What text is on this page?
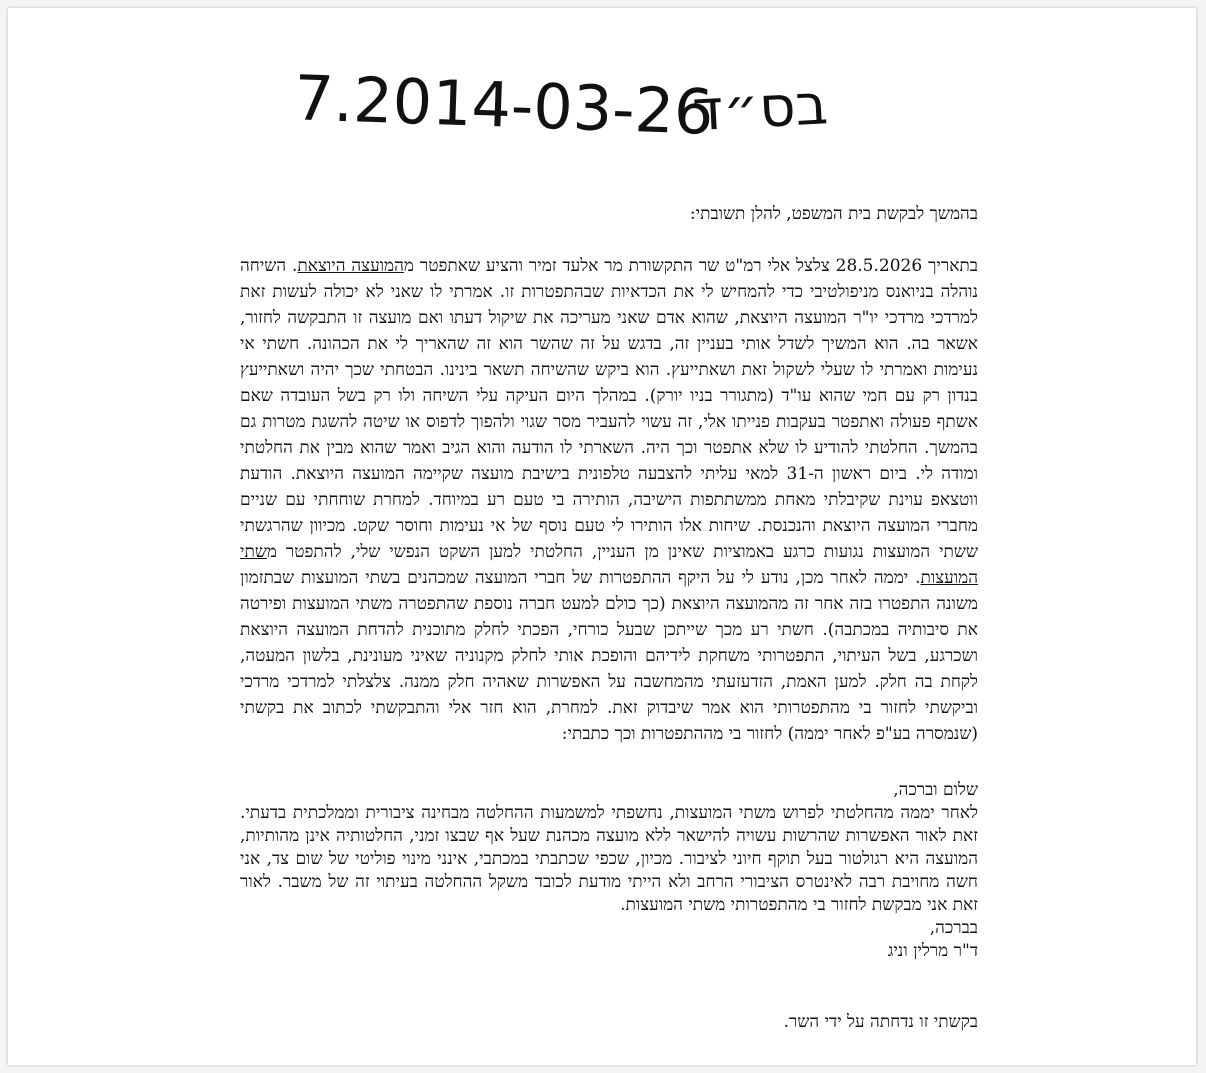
7.2014-03-26
בס״ד
בהמשך לבקשת בית המשפט, להלן תשובתי:
בתאריך 28.5.2026 צלצל אלי רמ"ט שר התקשורת מר אלעד זמיר והציע שאתפטר מהמועצה היוצאת. השיחה נוהלה בניואנס מניפולטיבי כדי להמחיש לי את הכדאיות שבהתפטרות זו. אמרתי לו שאני לא יכולה לעשות זאת למרדכי מרדכי יו"ר המועצה היוצאת, שהוא אדם שאני מעריכה את שיקול דעתו ואם מועצה זו התבקשה לחזור, אשאר בה. הוא המשיך לשדל אותי בעניין זה, בדגש על זה שהשר הוא זה שהאריך לי את הכהונה. חשתי אי נעימות ואמרתי לו שעלי לשקול זאת ושאתייעץ. הוא ביקש שהשיחה תשאר בינינו. הבטחתי שכך יהיה ושאתייעץ בנדון רק עם חמי שהוא עו"ד (מתגורר בניו יורק). במהלך היום העיקה עלי השיחה ולו רק בשל העובדה שאם אשתף פעולה ואתפטר בעקבות פנייתו אלי, זה עשוי להעביר מסר שגוי ולהפוך לדפוס או שיטה להשגת מטרות גם בהמשך. החלטתי להודיע לו שלא אתפטר וכך היה. השארתי לו הודעה והוא הגיב ואמר שהוא מבין את החלטתי ומודה לי. ביום ראשון ה-31 למאי עליתי להצבעה טלפונית בישיבת מועצה שקיימה המועצה היוצאת. הודעת ווטצאפ עוינת שקיבלתי מאחת ממשתתפות הישיבה, הותירה בי טעם רע במיוחד. למחרת שוחחתי עם שניים מחברי המועצה היוצאת והנכנסת. שיחות אלו הותירו לי טעם נוסף של אי נעימות וחוסר שקט. מכיוון שהרגשתי ששתי המועצות נגועות כרגע באמוציות שאינן מן העניין, החלטתי למען השקט הנפשי שלי, להתפטר משתי המועצות. יממה לאחר מכן, נודע לי על היקף ההתפטרות של חברי המועצה שמכהנים בשתי המועצות שבתזמון משונה התפטרו בזה אחר זה מהמועצה היוצאת (כך כולם למעט חברה נוספת שהתפטרה משתי המועצות ופירטה את סיבותיה במכתבה). חשתי רע מכך שייתכן שבעל כורחי, הפכתי לחלק מתוכנית להדחת המועצה היוצאת ושכרגע, בשל העיתוי, התפטרותי משחקת לידיהם והופכת אותי לחלק מקנוניה שאיני מעונינת, בלשון המעטה, לקחת בה חלק. למען האמת, הזדעזעתי מהמחשבה על האפשרות שאהיה חלק ממנה. צלצלתי למרדכי מרדכי וביקשתי לחזור בי מהתפטרותי הוא אמר שיבדוק זאת. למחרת, הוא חזר אלי והתבקשתי לכתוב את בקשתי (שנמסרה בע"פ לאחר יממה) לחזור בי מההתפטרות וכך כתבתי:
שלום וברכה,
לאחר יממה מהחלטתי לפרוש משתי המועצות, נחשפתי למשמעות ההחלטה מבחינה ציבורית וממלכתית בדעתי. זאת לאור האפשרות שהרשות עשויה להישאר ללא מועצה מכהנת שעל אף שבצו זמני, החלטותיה אינן מהותיות, המועצה היא רגולטור בעל תוקף חיוני לציבור. מכיון, שכפי שכתבתי במכתבי, אינני מינוי פוליטי של שום צד, אני חשה מחויבת רבה לאינטרס הציבורי הרחב ולא הייתי מודעת לכובד משקל ההחלטה בעיתוי זה של משבר. לאור זאת אני מבקשת לחזור בי מהתפטרותי משתי המועצות.
בברכה,
ד"ר מרלין וניג
בקשתי זו נדחתה על ידי השר.
